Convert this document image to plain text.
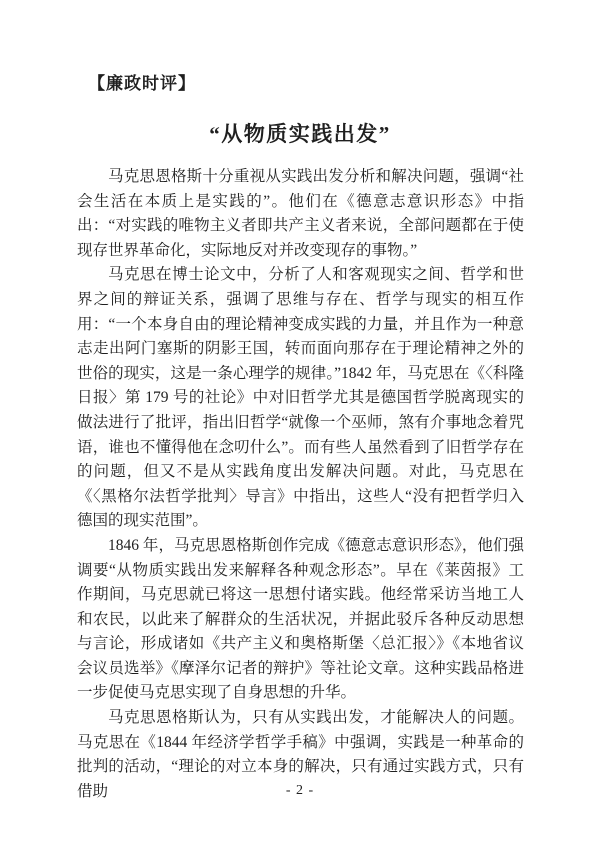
【廉政时评】
“从物质实践出发”

马克思恩格斯十分重视从实践出发分析和解决问题，强调“社会生活在本质上是实践的”。他们在《德意志意识形态》中指出：“对实践的唯物主义者即共产主义者来说，全部问题都在于使现存世界革命化，实际地反对并改变现存的事物。”

马克思在博士论文中，分析了人和客观现实之间、哲学和世界之间的辩证关系，强调了思维与存在、哲学与现实的相互作用：“一个本身自由的理论精神变成实践的力量，并且作为一种意志走出阿门塞斯的阴影王国，转而面向那存在于理论精神之外的世俗的现实，这是一条心理学的规律。”1842 年，马克思在《〈科隆日报〉第 179 号的社论》中对旧哲学尤其是德国哲学脱离现实的做法进行了批评，指出旧哲学“就像一个巫师，煞有介事地念着咒语，谁也不懂得他在念叨什么”。而有些人虽然看到了旧哲学存在的问题，但又不是从实践角度出发解决问题。对此，马克思在《〈黑格尔法哲学批判〉导言》中指出，这些人“没有把哲学归入德国的现实范围”。

1846 年，马克思恩格斯创作完成《德意志意识形态》，他们强调要“从物质实践出发来解释各种观念形态”。早在《莱茵报》工作期间，马克思就已将这一思想付诸实践。他经常采访当地工人和农民，以此来了解群众的生活状况，并据此驳斥各种反动思想与言论，形成诸如《共产主义和奥格斯堡〈总汇报〉》《本地省议会议员选举》《摩泽尔记者的辩护》等社论文章。这种实践品格进一步促使马克思实现了自身思想的升华。

马克思恩格斯认为，只有从实践出发，才能解决人的问题。马克思在《1844 年经济学哲学手稿》中强调，实践是一种革命的批判的活动，“理论的对立本身的解决，只有通过实践方式，只有借助	- 2 -
